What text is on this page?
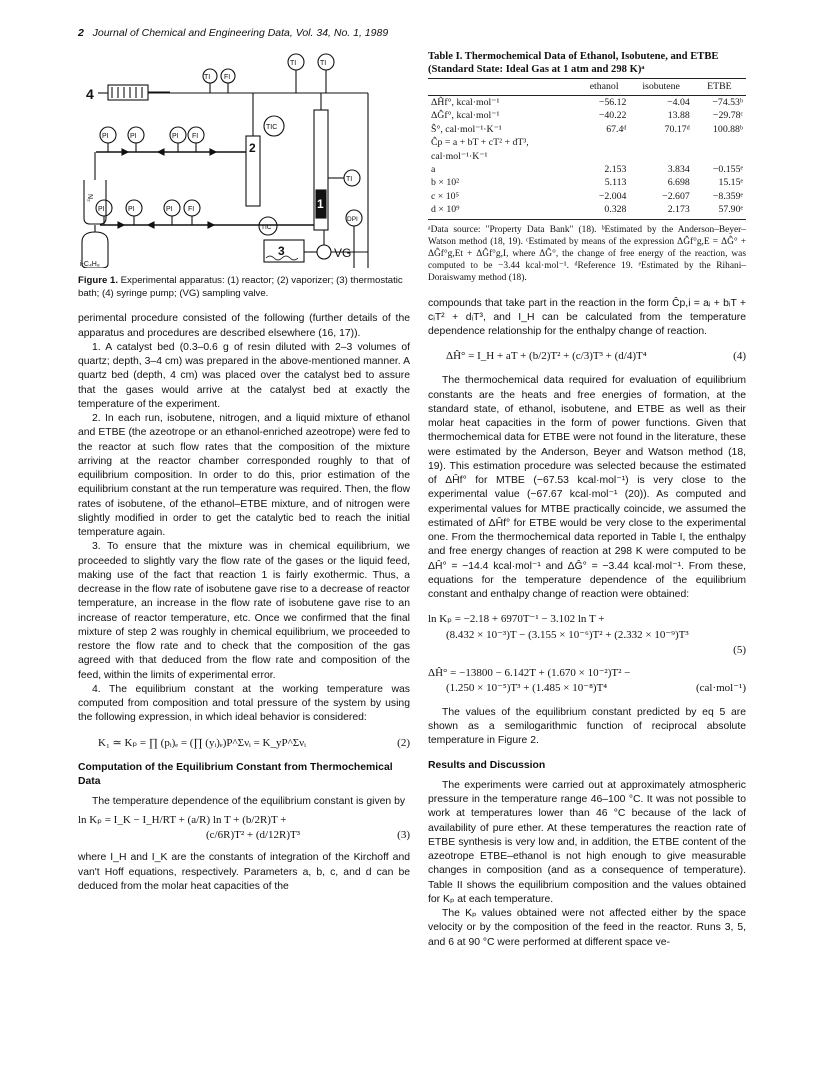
2 Journal of Chemical and Engineering Data, Vol. 34, No. 1, 1989
4
TI FI
TI	TI
2
TIC
1
TI
DPI
PI	PI	PI FI
N₂
PI	PI	PI FI
i-C₄H₈
3
TIC
VG
Figure 1. Experimental apparatus: (1) reactor; (2) vaporizer; (3) thermostatic bath; (4) syringe pump; (VG) sampling valve.

perimental procedure consisted of the following (further details of the apparatus and procedures are described elsewhere (16, 17)).

1. A catalyst bed (0.3–0.6 g of resin diluted with 2–3 volumes of quartz; depth, 3–4 cm) was prepared in the above-mentioned manner. A quartz bed (depth, 4 cm) was placed over the catalyst bed to assure that the gases would arrive at the catalyst bed at exactly the temperature of the experiment.

2. In each run, isobutene, nitrogen, and a liquid mixture of ethanol and ETBE (the azeotrope or an ethanol-enriched azeotrope) were fed to the reactor at such flow rates that the composition of the mixture arriving at the reactor chamber corresponded roughly to that of equilibrium composition. In order to do this, prior estimation of the equilibrium constant at the run temperature was required. Then, the flow rates of isobutene, of the ethanol–ETBE mixture, and of nitrogen were slightly modified in order to get the catalytic bed to reach the initial temperature again.

3. To ensure that the mixture was in chemical equilibrium, we proceeded to slightly vary the flow rate of the gases or the liquid feed, making use of the fact that reaction 1 is fairly exothermic. Thus, a decrease in the flow rate of isobutene gave rise to a decrease of reactor temperature, an increase in the flow rate of isobutene gave rise to an increase of reactor temperature, etc. Once we confirmed that the final mixture of step 2 was roughly in chemical equilibrium, we proceeded to restore the flow rate and to check that the composition of the gas agreed with that deduced from the flow rate and composition of the feed, within the limits of experimental error.

4. The equilibrium constant at the working temperature was computed from composition and total pressure of the system by using the following expression, in which ideal behavior is considered:

K₁ ≃ Kₚ = ∏ (pᵢ)ₑ = (∏ (yᵢ)ₑ)P^Σνᵢ = K_yP^Σνᵢ	(2)
Computation of the Equilibrium Constant from Thermochemical Data

The temperature dependence of the equilibrium constant is given by

ln Kₚ = I_K − I_H/RT + (a/R) ln T + (b/2R)T +
(c/6R)T² + (d/12R)T³	(3)

where I_H and I_K are the constants of integration of the Kirchoff and van't Hoff equations, respectively. Parameters a, b, c, and d can be deduced from the molar heat capacities of the

Table I. Thermochemical Data of Ethanol, Isobutene, and ETBE (Standard State: Ideal Gas at 1 atm and 298 K)ᵃ
	ethanol	isobutene	ETBE
ΔĤf°, kcal·mol⁻¹	−56.12	−4.04	−74.53ᵇ
ΔĜf°, kcal·mol⁻¹	−40.22	13.88	−29.78ᶜ
Ŝ°, cal·mol⁻¹·K⁻¹	67.4ᵈ	70.17ᵈ	100.88ᵇ
Ĉp = a + bT + cT² + dT³,			
cal·mol⁻¹·K⁻¹			
a	2.153	3.834	−0.155ᵉ
b × 10²	5.113	6.698	15.15ᵉ
c × 10⁵	−2.004	−2.607	−8.359ᵉ
d × 10⁹	0.328	2.173	57.90ᵉ
ᵃData source: "Property Data Bank" (18). ᵇEstimated by the Anderson–Beyer–Watson method (18, 19). ᶜEstimated by means of the expression ΔĜf°g,E = ΔĜ° + ΔĜf°g,Et + ΔĜf°g,I, where ΔĜ°, the change of free energy of the reaction, was computed to be −3.44 kcal·mol⁻¹. ᵈReference 19. ᵉEstimated by the Rihani–Doraiswamy method (18).

compounds that take part in the reaction in the form Ĉp,i = aᵢ + bᵢT + cᵢT² + dᵢT³, and I_H can be calculated from the temperature dependence relationship for the enthalpy change of reaction.

ΔĤ° = I_H + aT + (b/2)T² + (c/3)T³ + (d/4)T⁴	(4)

The thermochemical data required for evaluation of equilibrium constants are the heats and free energies of formation, at the standard state, of ethanol, isobutene, and ETBE as well as their molar heat capacities in the form of power functions. Given that thermochemical data for ETBE were not found in the literature, these were estimated by the Anderson, Beyer and Watson method (18, 19). This estimation procedure was selected because the estimated of ΔĤf° for MTBE (−67.53 kcal·mol⁻¹) is very close to the experimental value (−67.67 kcal·mol⁻¹ (20)). As computed and experimental values for MTBE practically coincide, we assumed the estimated of ΔĤf° for ETBE would be very close to the experimental one. From the thermochemical data reported in Table I, the enthalpy and free energy changes of reaction at 298 K were computed to be ΔĤ° = −14.4 kcal·mol⁻¹ and ΔĜ° = −3.44 kcal·mol⁻¹. From these, equations for the temperature dependence of the equilibrium constant and enthalpy change of reaction were obtained:

ln Kₚ = −2.18 + 6970T⁻¹ − 3.102 ln T +
(8.432 × 10⁻³)T − (3.155 × 10⁻⁶)T² + (2.332 × 10⁻⁹)T³
(5)
ΔĤ° = −13800 − 6.142T + (1.670 × 10⁻²)T² −
(1.250 × 10⁻⁵)T³ + (1.485 × 10⁻⁸)T⁴	(cal·mol⁻¹)

The values of the equilibrium constant predicted by eq 5 are shown as a semilogarithmic function of reciprocal absolute temperature in Figure 2.

Results and Discussion

The experiments were carried out at approximately atmospheric pressure in the temperature range 46–100 °C. It was not possible to work at temperatures lower than 46 °C because of the lack of availability of pure ether. At these temperatures the reaction rate of ETBE synthesis is very low and, in addition, the ETBE content of the azeotrope ETBE–ethanol is not high enough to give measurable changes in composition (and as a consequence of temperature). Table II shows the equilibrium composition and the values obtained for Kₚ at each temperature.

The Kₚ values obtained were not affected either by the space velocity or by the composition of the feed in the reactor. Runs 3, 5, and 6 at 90 °C were performed at different space ve-
